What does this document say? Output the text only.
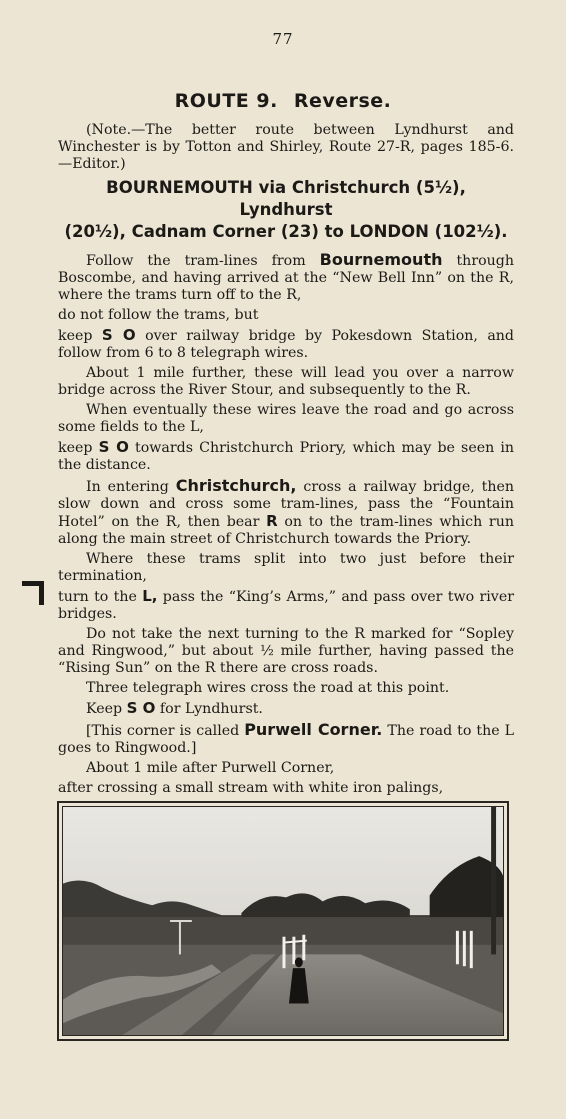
77
ROUTE 9. Reverse.

(Note.—The better route between Lyndhurst and Winchester is by Totton and Shirley, Route 27-R, pages 185-6.—Editor.)

BOURNEMOUTH via Christchurch (5½), Lyndhurst
(20½), Cadnam Corner (23) to LONDON (102½).

Follow the tram-lines from Bournemouth through Boscombe, and having arrived at the “New Bell Inn” on the R, where the trams turn off to the R,

do not follow the trams, but

keep S O over railway bridge by Pokesdown Station, and follow from 6 to 8 telegraph wires.

About 1 mile further, these will lead you over a narrow bridge across the River Stour, and subsequently to the R.

When eventually these wires leave the road and go across some fields to the L,

keep S O towards Christchurch Priory, which may be seen in the distance.

In entering Christchurch, cross a railway bridge, then slow down and cross some tram-lines, pass the “Fountain Hotel” on the R, then bear R on to the tram-lines which run along the main street of Christchurch towards the Priory.

Where these trams split into two just before their termination,

turn to the L, pass the “King’s Arms,” and pass over two river bridges.

Do not take the next turning to the R marked for “Sopley and Ringwood,” but about ½ mile further, having passed the “Rising Sun” on the R there are cross roads.

Three telegraph wires cross the road at this point.

Keep S O for Lyndhurst.

[This corner is called Purwell Corner. The road to the L goes to Ringwood.]

About 1 mile after Purwell Corner,

after crossing a small stream with white iron palings,
